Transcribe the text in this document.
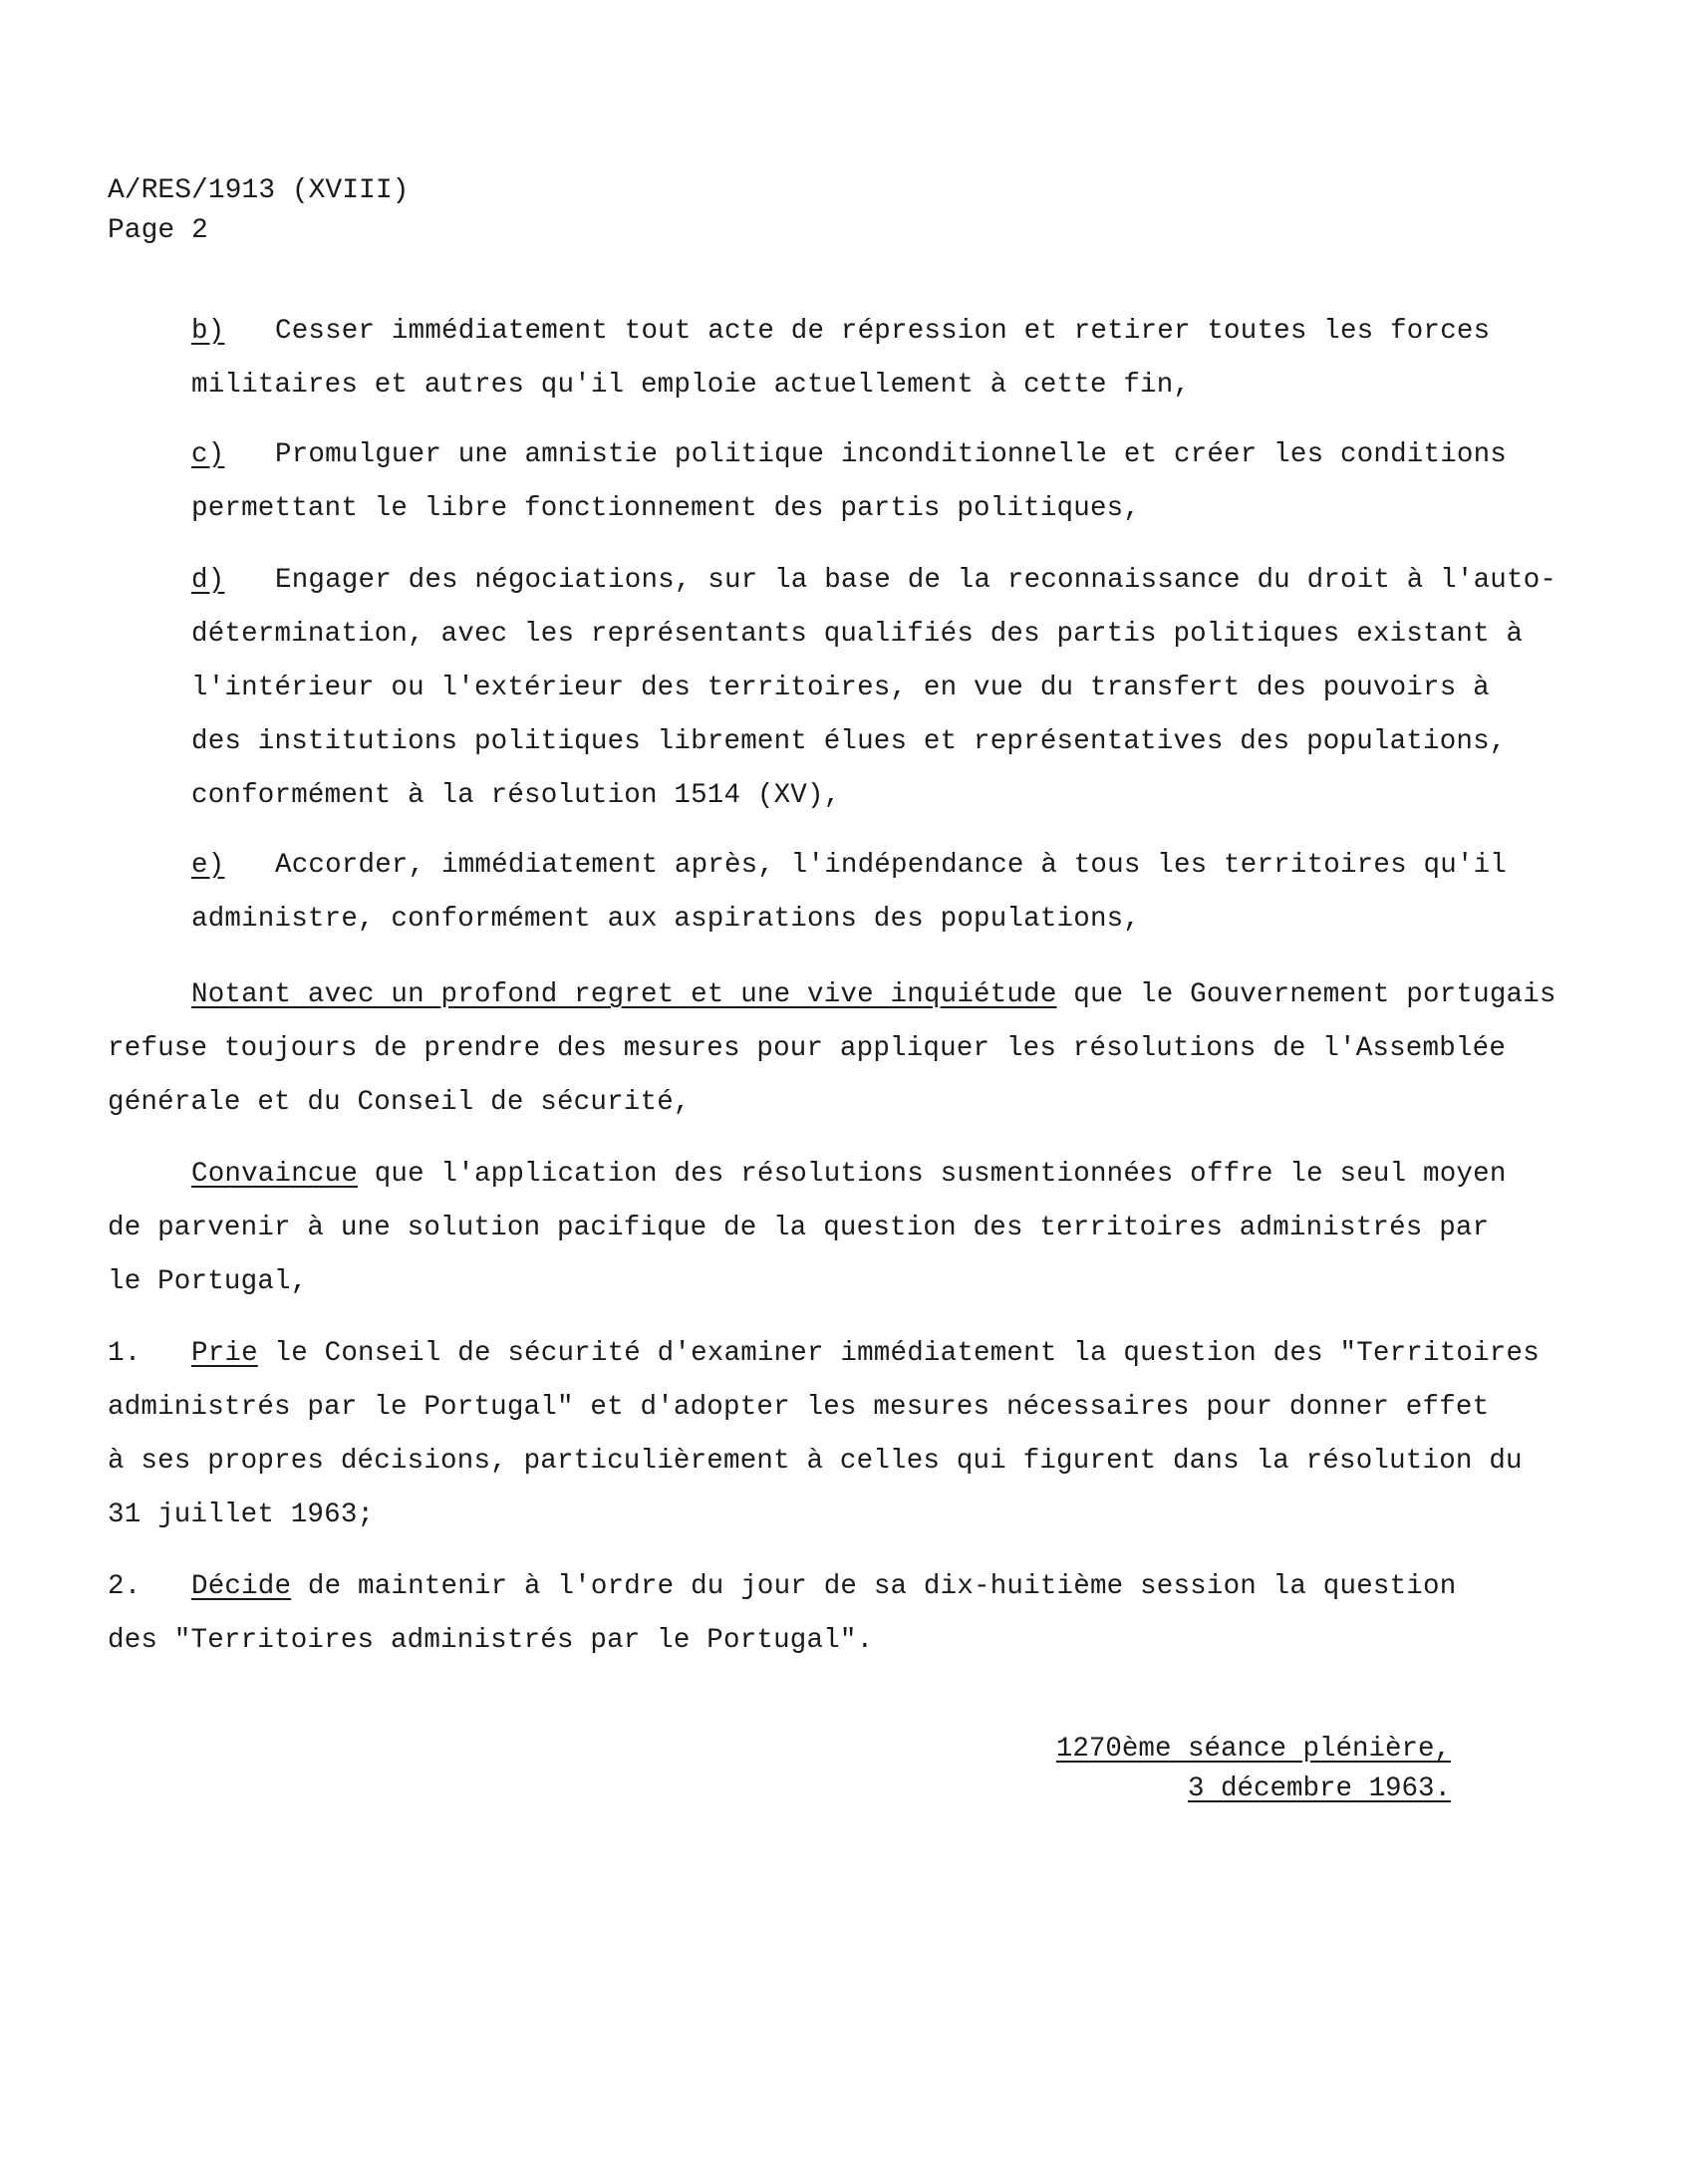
A/RES/1913 (XVIII)
Page 2
b) Cesser immédiatement tout acte de répression et retirer toutes les forces
militaires et autres qu'il emploie actuellement à cette fin,
c) Promulguer une amnistie politique inconditionnelle et créer les conditions
permettant le libre fonctionnement des partis politiques,
d) Engager des négociations, sur la base de la reconnaissance du droit à l'auto-
détermination, avec les représentants qualifiés des partis politiques existant à
l'intérieur ou l'extérieur des territoires, en vue du transfert des pouvoirs à
des institutions politiques librement élues et représentatives des populations,
conformément à la résolution 1514 (XV),
e) Accorder, immédiatement après, l'indépendance à tous les territoires qu'il
administre, conformément aux aspirations des populations,
Notant avec un profond regret et une vive inquiétude que le Gouvernement portugais
refuse toujours de prendre des mesures pour appliquer les résolutions de l'Assemblée
générale et du Conseil de sécurité,
Convaincue que l'application des résolutions susmentionnées offre le seul moyen
de parvenir à une solution pacifique de la question des territoires administrés par
le Portugal,
1. Prie le Conseil de sécurité d'examiner immédiatement la question des "Territoires
administrés par le Portugal" et d'adopter les mesures nécessaires pour donner effet
à ses propres décisions, particulièrement à celles qui figurent dans la résolution du
31 juillet 1963;
2. Décide de maintenir à l'ordre du jour de sa dix-huitième session la question
des "Territoires administrés par le Portugal".
1270ème séance plénière,
3 décembre 1963.
